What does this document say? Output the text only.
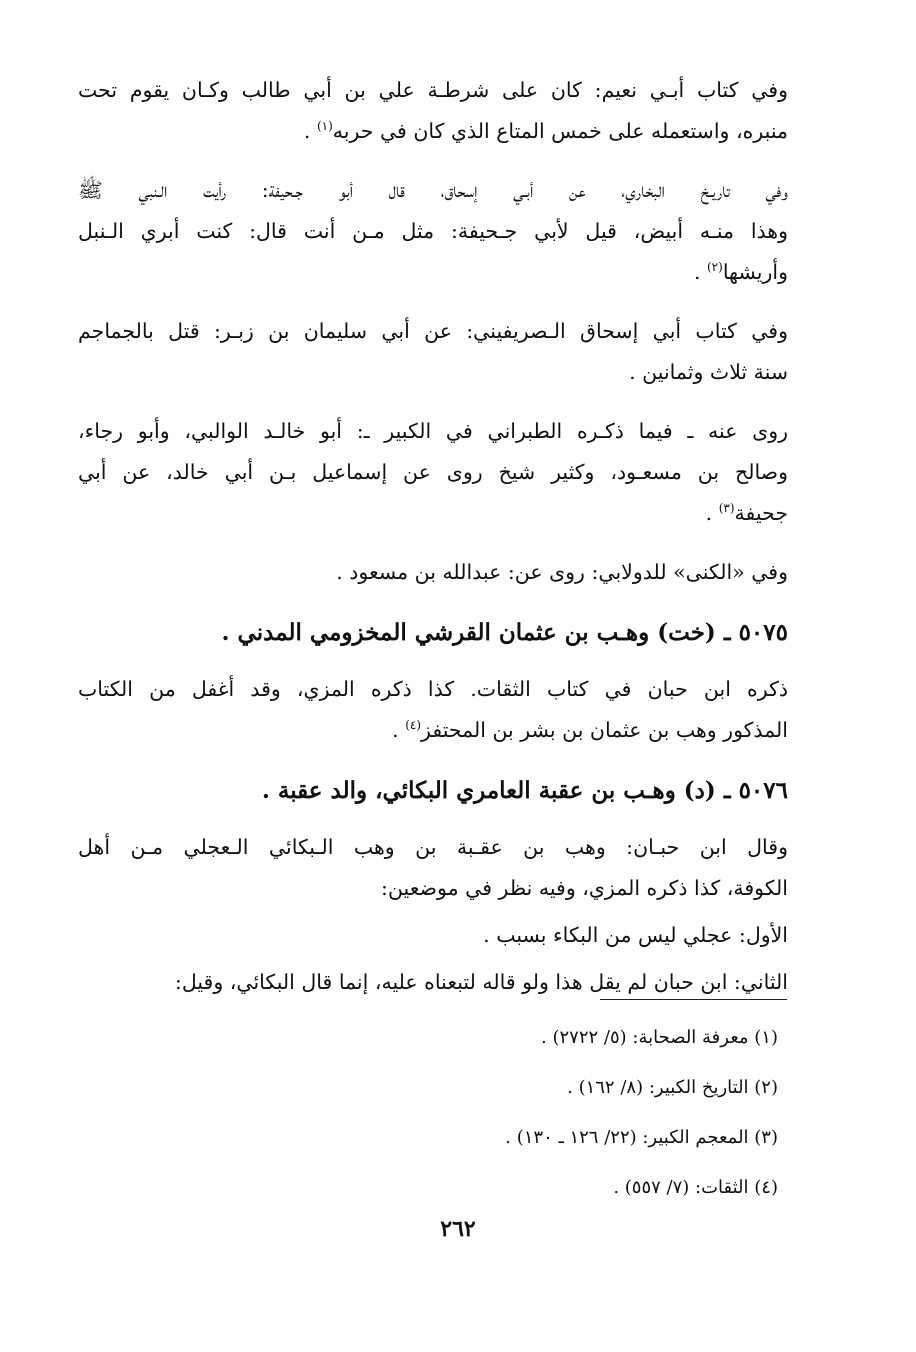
وفي كتاب أبـي نعيم: كان على شرطـة علي بن أبي طالب وكـان يقوم تحت
منبره، واستعمله على خمس المتاع الذي كان في حربه$^{(١)}$ .

وفي تاريـخ البخاري، عن أبـي إسحاق، قال أبو جـحيفة: رأيت الـنبي ﷺ
وهذا منـه أبيض، قيل لأبي جـحيفة: مثل مـن أنت قال: كنت أبري الـنبل
وأريشها$^{(٢)}$ .

وفي كتاب أبي إسحاق الـصريفيني: عن أبي سليمان بن زبـر: قتل بالجماجم
سنة ثلاث وثمانين .

روى عنه ـ فيما ذكـره الطبراني في الكبير ـ: أبو خالـد الوالبي، وأبو رجاء،
وصالح بن مسعـود، وكثير شيخ روى عن إسماعيل بـن أبي خالد، عن أبي
جحيفة$^{(٣)}$ .

وفي «الكنى» للدولابي: روى عن: عبدالله بن مسعود .

٥٠٧٥ ـ (خت) وهـب بن عثمان القرشي المخزومي المدني .

ذكره ابن حبان في كتاب الثقات. كذا ذكره المزي، وقد أغفل من الكتاب
المذكور وهب بن عثمان بن بشر بن المحتفز$^{(٤)}$ .

٥٠٧٦ ـ (د) وهـب بن عقبة العامري البكائي، والد عقبة .

وقال ابن حبـان: وهب بن عقـبة بن وهب الـبكائي الـعجلي مـن أهل
الكوفة، كذا ذكره المزي، وفيه نظر في موضعين:

الأول: عجلي ليس من البكاء بسبب .

الثاني: ابن حبان لم يقل هذا ولو قاله لتبعناه عليه، إنما قال البكائي، وقيل:

(١) معرفة الصحابة: (٥/ ٢٧٢٢) .

(٢) التاريخ الكبير: (٨/ ١٦٢) .

(٣) المعجم الكبير: (٢٢/ ١٢٦ ـ ١٣٠) .

(٤) الثقات: (٧/ ٥٥٧) .

٢٦٢
